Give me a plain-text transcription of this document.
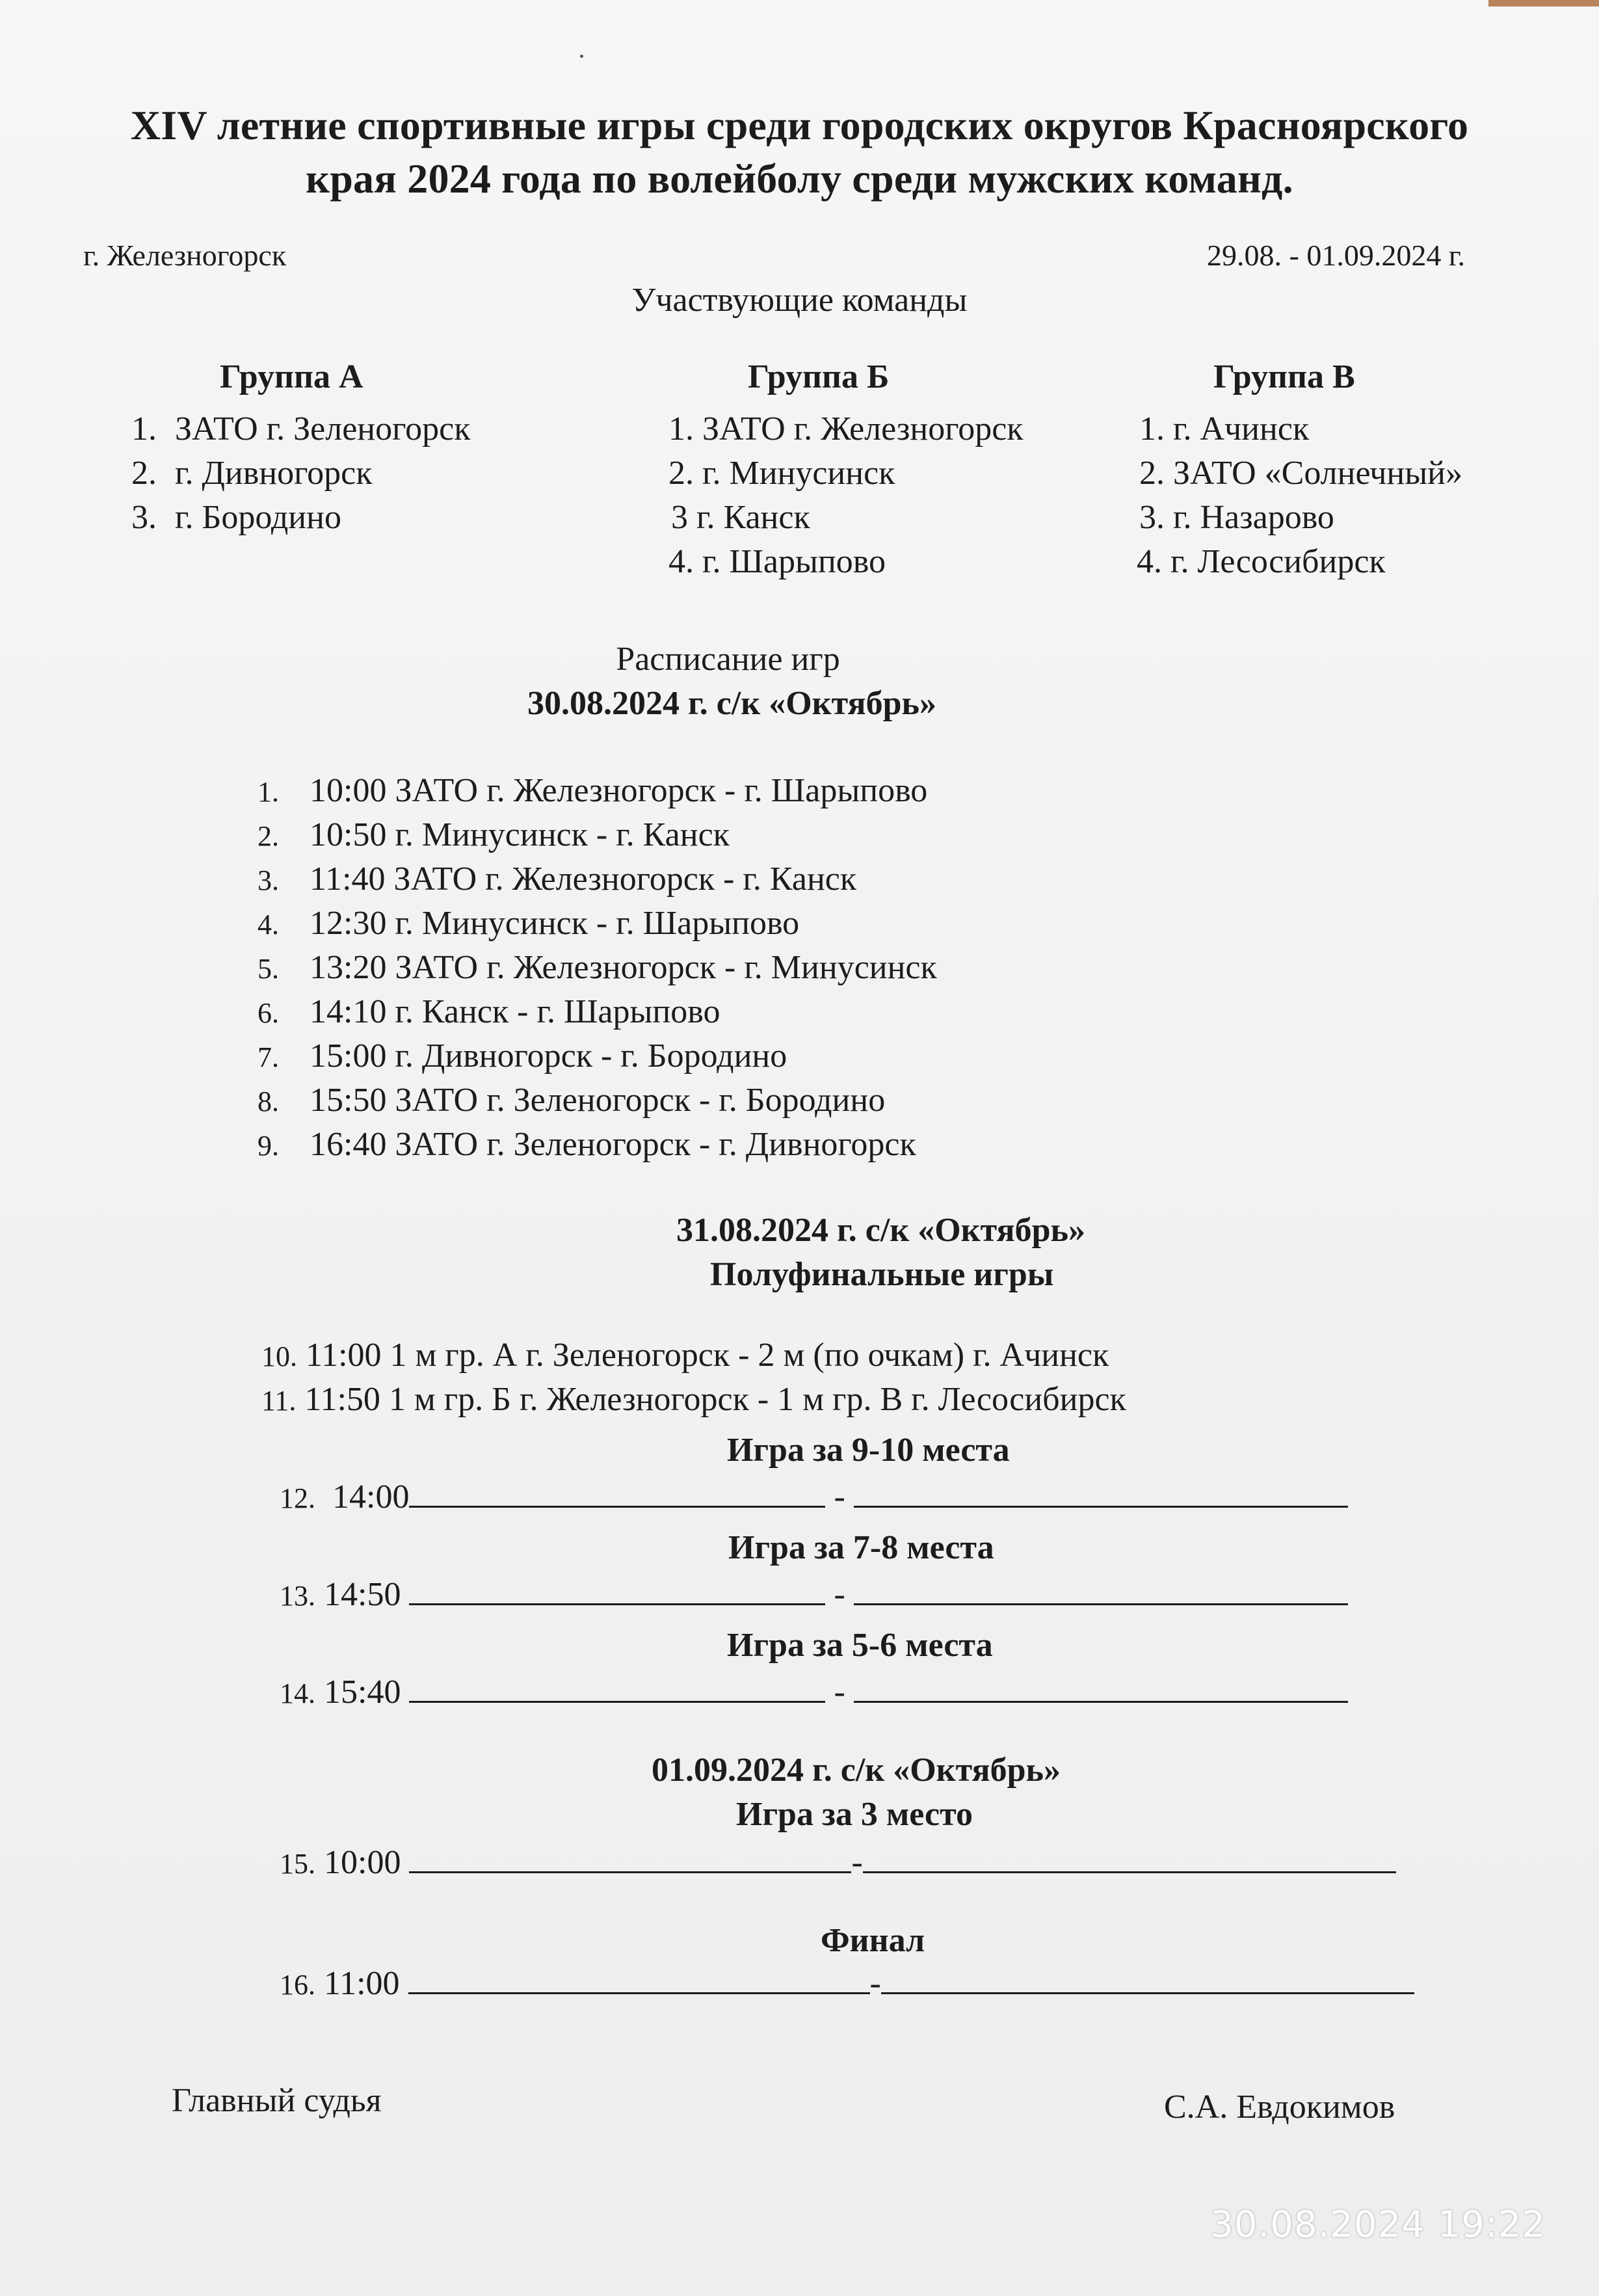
XIV летние спортивные игры среди городских округов Красноярского
края 2024 года по волейболу среди мужских команд.
г. Железногорск	29.08. - 01.09.2024 г.
Участвующие команды
Группа А
1. ЗАТО г. Зеленогорск
2. г. Дивногорск
3. г. Бородино
Группа Б
1. ЗАТО г. Железногорск
2. г. Минусинск
3 г. Канск
4. г. Шарыпово
Группа В
1. г. Ачинск
2. ЗАТО «Солнечный»
3. г. Назарово
4. г. Лесосибирск
Расписание игр
30.08.2024 г. с/к «Октябрь»
1. 10:00 ЗАТО г. Железногорск - г. Шарыпово
2. 10:50 г. Минусинск - г. Канск
3. 11:40 ЗАТО г. Железногорск - г. Канск
4. 12:30 г. Минусинск - г. Шарыпово
5. 13:20 ЗАТО г. Железногорск - г. Минусинск
6. 14:10 г. Канск - г. Шарыпово
7. 15:00 г. Дивногорск - г. Бородино
8. 15:50 ЗАТО г. Зеленогорск - г. Бородино
9. 16:40 ЗАТО г. Зеленогорск - г. Дивногорск
31.08.2024 г. с/к «Октябрь»
Полуфинальные игры
10. 11:00 1 м гр. А г. Зеленогорск - 2 м (по очкам) г. Ачинск
11. 11:50 1 м гр. Б г. Железногорск - 1 м гр. В г. Лесосибирск
Игра за 9-10 места
12. 14:00	-
Игра за 7-8 места
13. 14:50	-
Игра за 5-6 места
14. 15:40	-
01.09.2024 г. с/к «Октябрь»
Игра за 3 место
15. 10:00	-
Финал
16. 11:00	-
Главный судья	С.А. Евдокимов
30.08.2024 19:22
